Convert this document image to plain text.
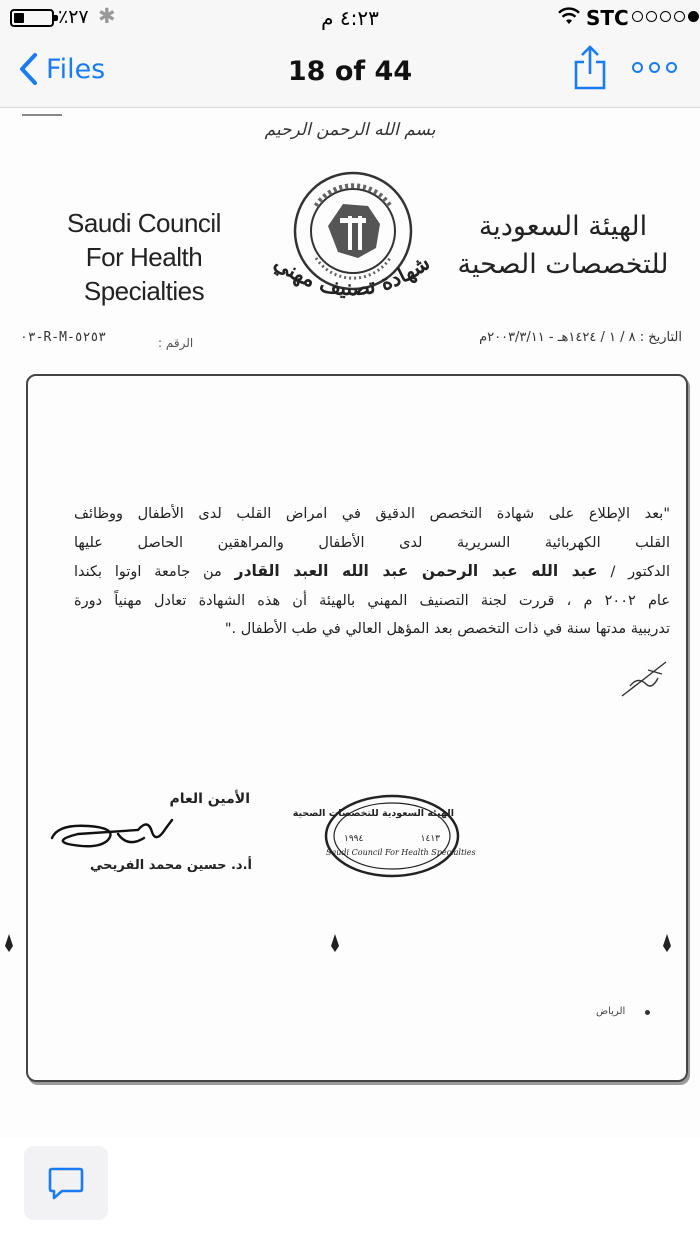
٪٢٧ ✱	٤:٢٣ م	STC
Files	18 of 44
بسم الله الرحمن الرحيم
Saudi Council
For Health Specialties
شهادة تصنيف مهني
الهيئة السعودية
للتخصصات الصحية
٠٣-R-M-٥٢٥٣	الرقم :	التاريخ : ٨ / ١ / ١٤٢٤هـ - ٢٠٠٣/٣/١١م
"بعد الإطلاع على شهادة التخصص الدقيق في امراض القلب لدى الأطفال ووظائف
القلب الكهربائية السريرية لدى الأطفال والمراهقين الحاصل عليها
الدكتور / عبد الله عبد الرحمن عبد الله العبد القادر من جامعة اوتوا بكندا
عام ٢٠٠٢ م ، قررت لجنة التصنيف المهني بالهيئة أن هذه الشهادة تعادل مهنياً دورة
تدريبية مدتها سنة في ذات التخصص بعد المؤهل العالي في طب الأطفال ."
الأمين العام
أ.د. حسين محمد الفريحي
الهيئة السعودية للتخصصات الصحية
١٩٩٤	١٤١٣
Saudi Council For Health Specialties
الرياض
